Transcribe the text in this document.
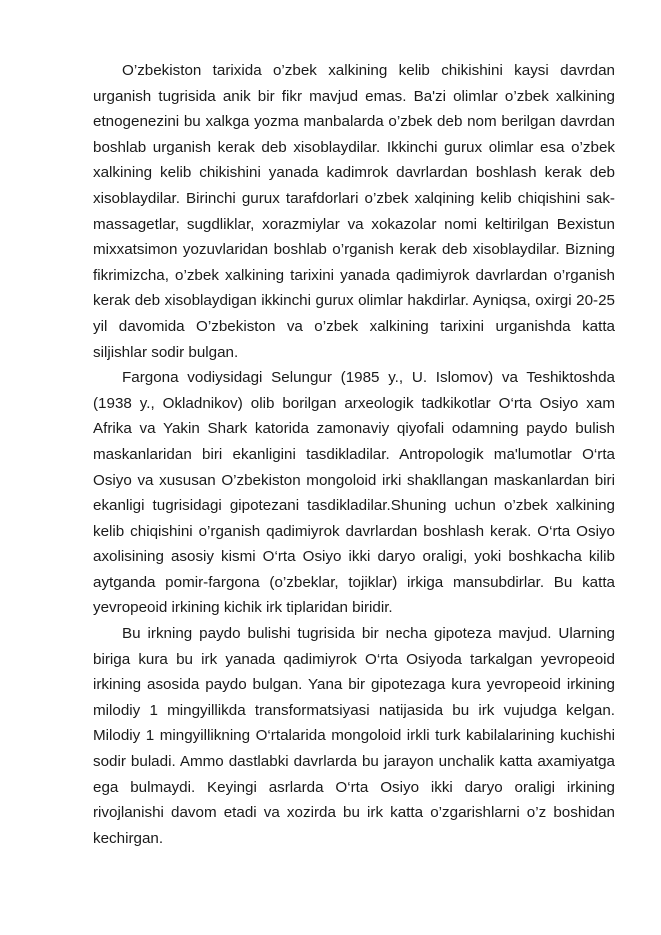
O’zbekiston tarixida o’zbek xalkining kelib chikishini kaysi davrdan urganish tugrisida anik bir fikr mavjud emas. Ba'zi olimlar o’zbek xalkining etnogenezini bu xalkga yozma manbalarda o’zbek deb nom berilgan davrdan boshlab urganish kerak deb xisoblaydilar. Ikkinchi gurux olimlar esa o’zbek xalkining kelib chikishini yanada kadimrok davrlardan boshlash kerak deb xisoblaydilar. Birinchi gurux tarafdorlari o’zbek xalqining kelib chiqishini sak-massagetlar, sugdliklar, xorazmiylar va xokazolar nomi keltirilgan Bexistun mixxatsimon yozuvlaridan boshlab o’rganish kerak deb xisoblaydilar. Bizning fikrimizcha, o’zbek xalkining tarixini yanada qadimiyrok davrlardan o’rganish kerak deb xisoblaydigan ikkinchi gurux olimlar hakdirlar. Ayniqsa, oxirgi 20-25 yil davomida O’zbekiston va o’zbek xalkining tarixini urganishda katta siljishlar sodir bulgan.

Fargona vodiysidagi Selungur (1985 y., U. Islomov) va Teshiktoshda (1938 y., Okladnikov) olib borilgan arxeologik tadkikotlar O‘rta Osiyo xam Afrika va Yakin Shark katorida zamonaviy qiyofali odamning paydo bulish maskanlaridan biri ekanligini tasdikladilar. Antropologik ma'lumotlar O‘rta Osiyo va xususan O’zbekiston mongoloid irki shakllangan maskanlardan biri ekanligi tugrisidagi gipotezani tasdikladilar.Shuning uchun o’zbek xalkining kelib chiqishini o’rganish qadimiyrok davrlardan boshlash kerak. O‘rta Osiyo axolisining asosiy kismi O‘rta Osiyo ikki daryo oraligi, yoki boshkacha kilib aytganda pomir-fargona (o’zbeklar, tojiklar) irkiga mansubdirlar. Bu katta yevropeoid irkining kichik irk tiplaridan biridir.

Bu irkning paydo bulishi tugrisida bir necha gipoteza mavjud. Ularning biriga kura bu irk yanada qadimiyrok O‘rta Osiyoda tarkalgan yevropeoid irkining asosida paydo bulgan. Yana bir gipotezaga kura yevropeoid irkining milodiy 1 mingyillikda transformatsiyasi natijasida bu irk vujudga kelgan. Milodiy 1 mingyillikning O‘rtalarida mongoloid irkli turk kabilalarining kuchishi sodir buladi. Ammo dastlabki davrlarda bu jarayon unchalik katta axamiyatga ega bulmaydi. Keyingi asrlarda O‘rta Osiyo ikki daryo oraligi irkining rivojlanishi davom etadi va xozirda bu irk katta o’zgarishlarni o’z boshidan kechirgan.
